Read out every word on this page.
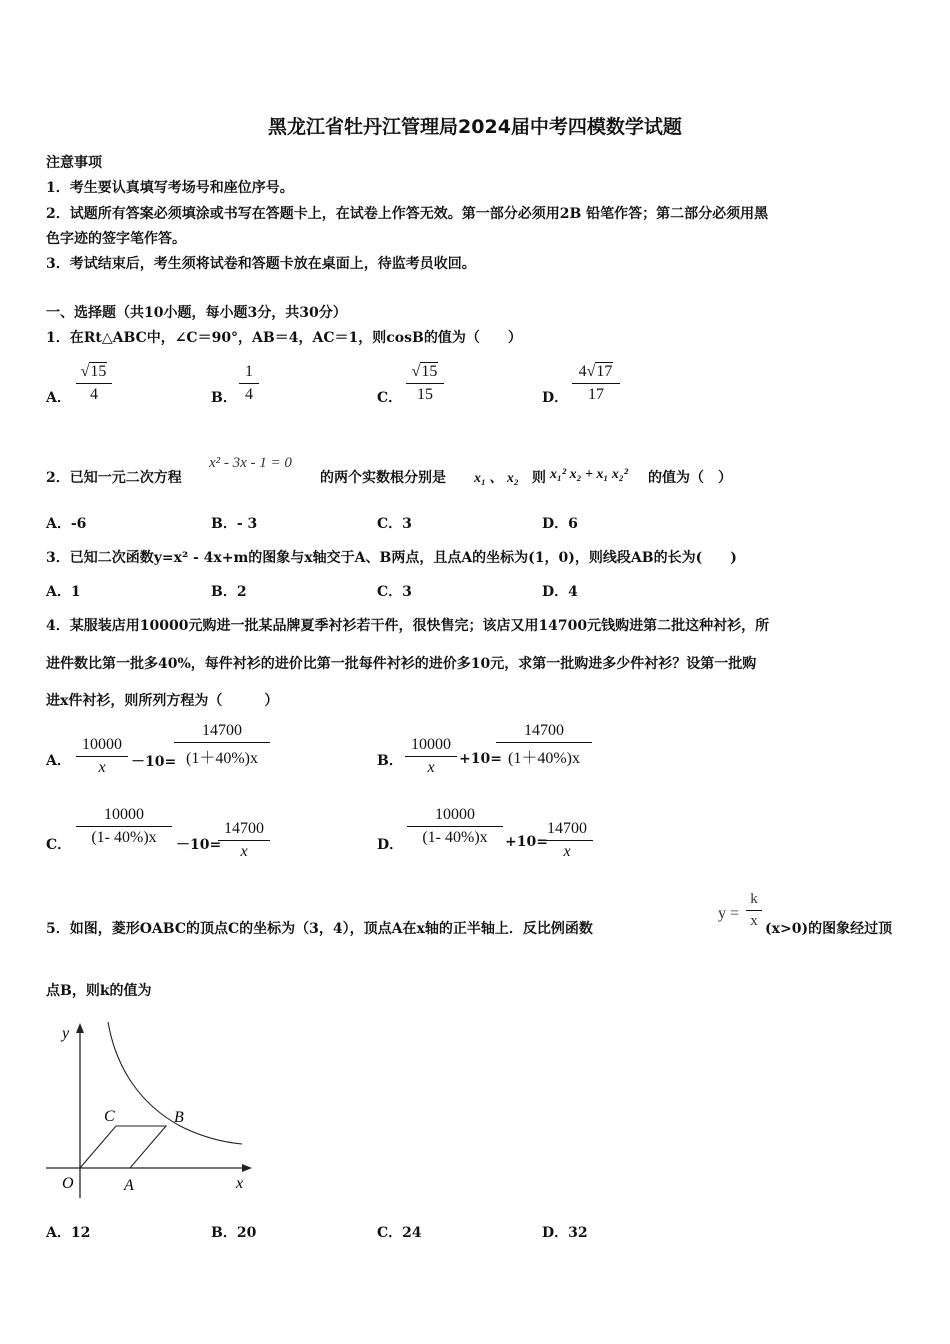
黑龙江省牡丹江管理局2024届中考四模数学试题
注意事项
1．考生要认真填写考场号和座位序号。
2．试题所有答案必须填涂或书写在答题卡上，在试卷上作答无效。第一部分必须用2B 铅笔作答；第二部分必须用黑
色字迹的签字笔作答。
3．考试结束后，考生须将试卷和答题卡放在桌面上，待监考员收回。
一、选择题（共10小题，每小题3分，共30分）
1．在Rt△ABC中，∠C＝90°，AB＝4，AC＝1，则cosB的值为（　　）
A． $\frac{√15}{4}$	B． $\frac{1}{4}$	C． $\frac{√15}{15}$	D． $\frac{4√17}{17}$
2．已知一元二次方程
x² - 3x - 1 = 0
的两个实数根分别是 x₁ 、 x₂ 则 x₁² x₂ + x₁ x₂² 的值为（　）
A．-6	B．- 3	C．3	D．6
3．已知二次函数y=x² - 4x+m的图象与x轴交于A、B两点，且点A的坐标为(1，0)，则线段AB的长为(　　)
A．1	B．2	C．3	D．4
4．某服装店用10000元购进一批某品牌夏季衬衫若干件，很快售完；该店又用14700元钱购进第二批这种衬衫，所
进件数比第一批多40%，每件衬衫的进价比第一批每件衬衫的进价多10元，求第一批购进多少件衬衫？设第一批购
进x件衬衫，则所列方程为（　　　）
A． $\frac{10000}{x} -10=$
$\frac{14700}{(1+40\%)x}$	B． $\frac{10000}{x} +10=$
$\frac{14700}{(1+40\%)x}$
C． $\frac{10000}{(1- 40\%)x} -10=$
$\frac{14700}{x}$	D． $\frac{10000}{(1- 40\%)x} +10=$
$\frac{14700}{x}$
5．如图，菱形OABC的顶点C的坐标为（3，4），顶点A在x轴的正半轴上．反比例函数
$y = \frac{k}{x} (x>0)$的图象经过顶
点B，则k的值为
y
x
O	A
B
C
A．12	B．20	C．24	D．32
